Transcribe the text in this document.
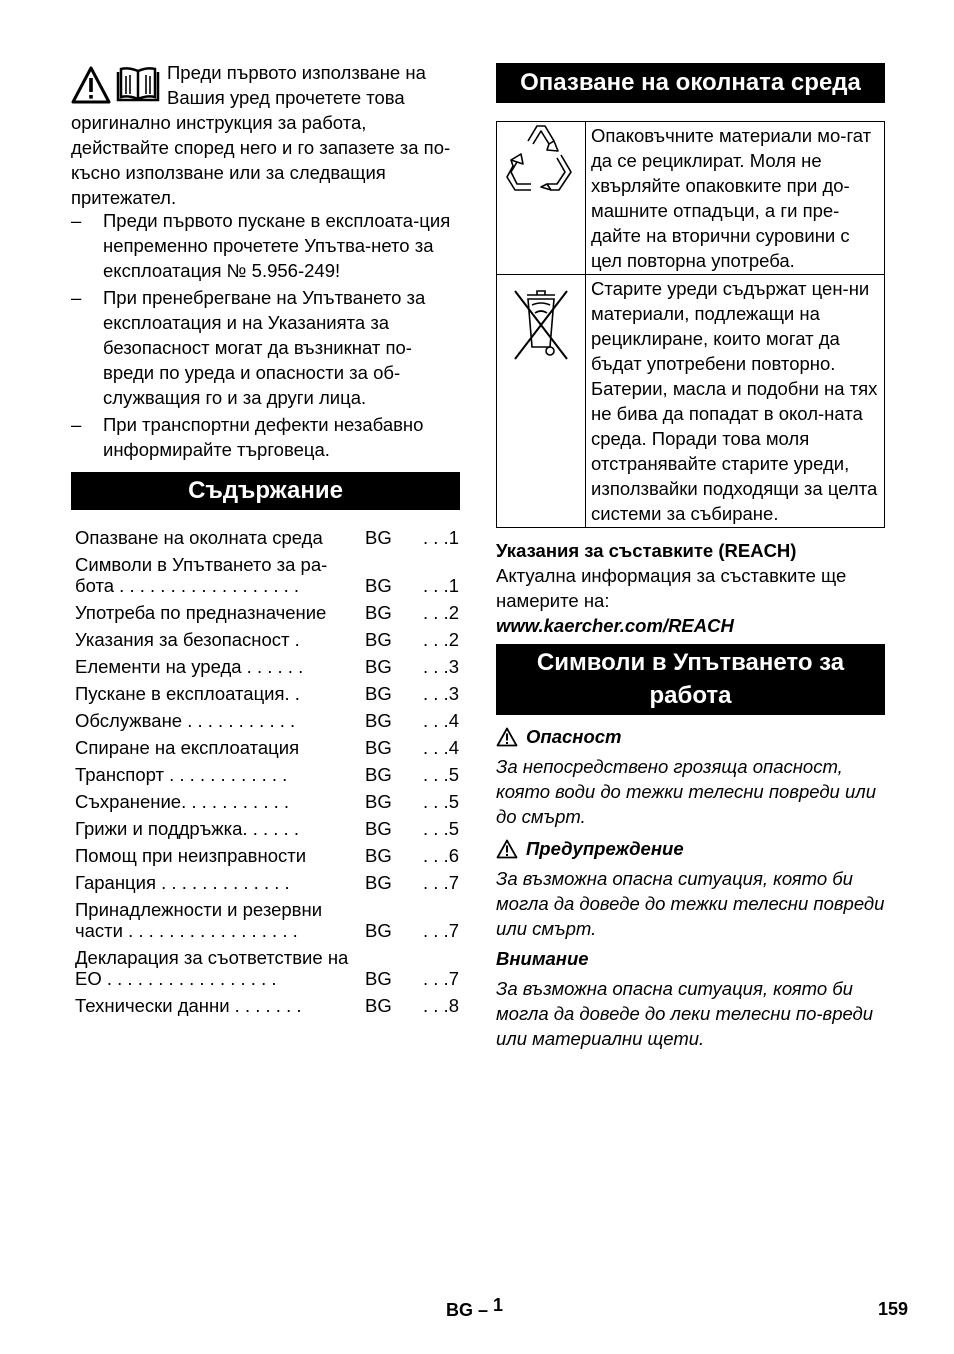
Преди първото използване на Вашия уред прочетете това оригинално инструкция за работа, действайте според него и го запазете за по-късно използване или за следващия притежател.

– Преди първото пускане в експлоата-ция непременно прочетете Упътва-нето за експлоатация № 5.956-249!
– При пренебрегване на Упътването за експлоатация и на Указанията за безопасност могат да възникнат по-вреди по уреда и опасности за об-служващия го и за други лица.
– При транспортни дефекти незабавно информирайте търговеца.
Съдържание
Опазване на околната среда	BG	. . .1
Символи в Упътването за ра-бота . . . . . . . . . . . . . . . . . .	BG	. . .1
Употреба по предназначение	BG	. . .2
Указания за безопасност .	BG	. . .2
Елементи на уреда . . . . . .	BG	. . .3
Пускане в експлоатация. .	BG	. . .3
Обслужване . . . . . . . . . . .	BG	. . .4
Спиране на експлоатация	BG	. . .4
Транспорт . . . . . . . . . . . .	BG	. . .5
Съхранение. . . . . . . . . . .	BG	. . .5
Грижи и поддръжка. . . . . .	BG	. . .5
Помощ при неизправности	BG	. . .6
Гаранция . . . . . . . . . . . . .	BG	. . .7
Принадлежности и резервни части . . . . . . . . . . . . . . . . .	BG	. . .7
Декларация за съответствие на ЕО . . . . . . . . . . . . . . . . .	BG	. . .7
Технически данни . . . . . . .	BG	. . .8
Опазване на околната среда
	Опаковъчните материали мо-гат да се рециклират. Моля не хвърляйте опаковките при до-машните отпадъци, а ги пре-дайте на вторични суровини с цел повторна употреба.
	Старите уреди съдържат цен-ни материали, подлежащи на рециклиране, които могат да бъдат употребени повторно. Батерии, масла и подобни на тях не бива да попадат в окол-ната среда. Поради това моля отстранявайте старите уреди, използвайки подходящи за целта системи за събиране.

Указания за съставките (REACH)

Актуална информация за съставките ще намерите на:

www.kaercher.com/REACH

Символи в Упътването за работа
Опасност

За непосредствено грозяща опасност, която води до тежки телесни повреди или до смърт.

Предупреждение

За възможна опасна ситуация, която би могла да доведе до тежки телесни повреди или смърт.

Внимание

За възможна опасна ситуация, която би могла да доведе до леки телесни по-вреди или материални щети.

BG – 1	159
